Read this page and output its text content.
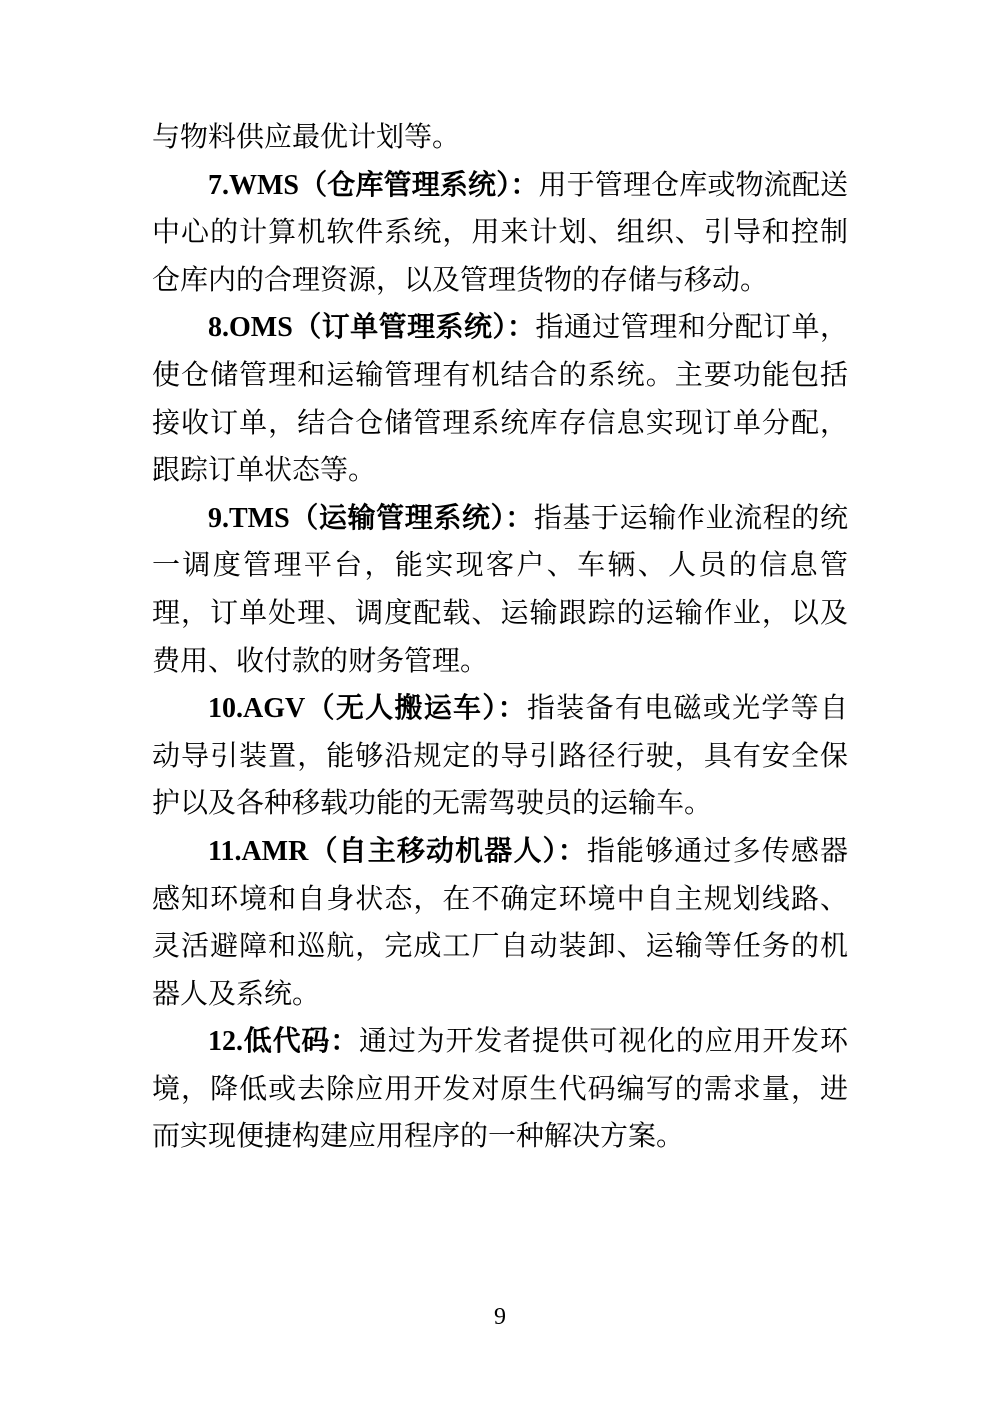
与物料供应最优计划等。

7.WMS（仓库管理系统）：用于管理仓库或物流配送中心的计算机软件系统，用来计划、组织、引导和控制仓库内的合理资源，以及管理货物的存储与移动。

8.OMS（订单管理系统）：指通过管理和分配订单，使仓储管理和运输管理有机结合的系统。主要功能包括接收订单，结合仓储管理系统库存信息实现订单分配，跟踪订单状态等。

9.TMS（运输管理系统）：指基于运输作业流程的统一调度管理平台，能实现客户、车辆、人员的信息管理，订单处理、调度配载、运输跟踪的运输作业，以及费用、收付款的财务管理。

10.AGV（无人搬运车）：指装备有电磁或光学等自动导引装置，能够沿规定的导引路径行驶，具有安全保护以及各种移载功能的无需驾驶员的运输车。

11.AMR（自主移动机器人）：指能够通过多传感器感知环境和自身状态，在不确定环境中自主规划线路、灵活避障和巡航，完成工厂自动装卸、运输等任务的机器人及系统。

12.低代码：通过为开发者提供可视化的应用开发环境，降低或去除应用开发对原生代码编写的需求量，进而实现便捷构建应用程序的一种解决方案。

9
